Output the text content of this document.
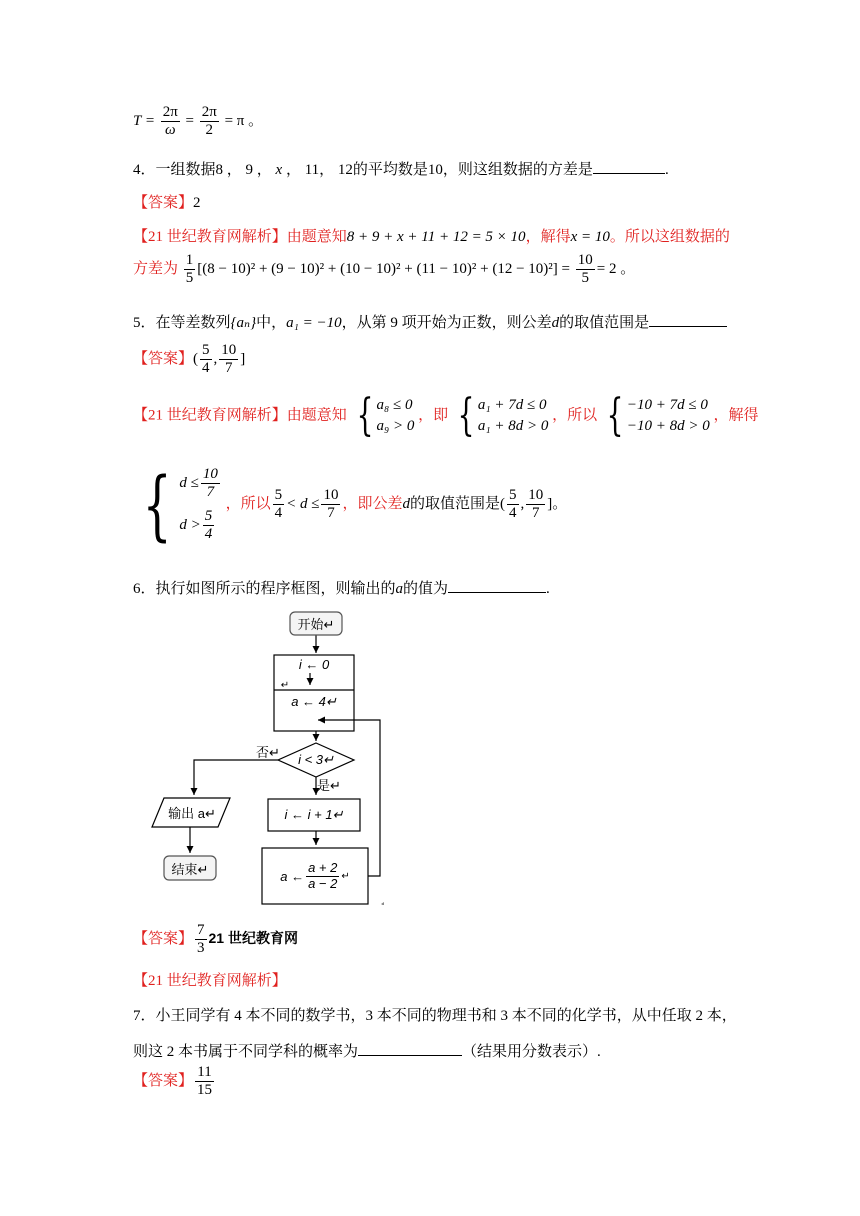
$T = \frac{2\pi}{\omega} = \frac{2\pi}{2} = \pi$ 。
4．一组数据8 ， 9 ， x ， 11， 12的平均数是10，则这组数据的方差是	.
【答案】2
【21 世纪教育网解析】由题意知8 + 9 + x + 11 + 12 = 5 × 10，解得x = 10。所以这组数据的
方差为 $\frac{1}{5} [(8 - 10)^2 + (9 - 10)^2 + (10 - 10)^2 + (11 - 10)^2 + (12 - 10)^2] = \frac{10}{5} = 2$ 。
5．在等差数列{aₙ}中，a₁ = −10，从第 9 项开始为正数，则公差d的取值范围是
【答案】( $\frac{5}{4}$ , $\frac{10}{7}$ ]
【21 世纪教育网解析】由题意知 { a₈ ≤ 0
a₉ > 0
，即 { a₁ + 7d ≤ 0
a₁ + 8d > 0
，所以 { −10 + 7d ≤ 0
−10 + 8d > 0
，解得
{ $d \le \frac{10}{7}$
$d > \frac{5}{4}$
，所以 $\frac{5}{4} < d \le \frac{10}{7}$ ，即公差d的取值范围是( $\frac{5}{4}$ , $\frac{10}{7}$ ]。
6．执行如图所示的程序框图，则输出的a的值为	.
开始↵
i ← 0
↵
a ← 4↵
i < 3↵
否↵
是↵
输出 a↵	i ← i + 1↵
a ← $\frac{a + 2}{a - 2}$ ↵
结束↵
【答案】 $\frac{7}{3} 21$ 世纪教育网
【21 世纪教育网解析】
7．小王同学有 4 本不同的数学书，3 本不同的物理书和 3 本不同的化学书，从中任取 2 本，
则这 2 本书属于不同学科的概率为	（结果用分数表示）.
【答案】 $\frac{11}{15}$
